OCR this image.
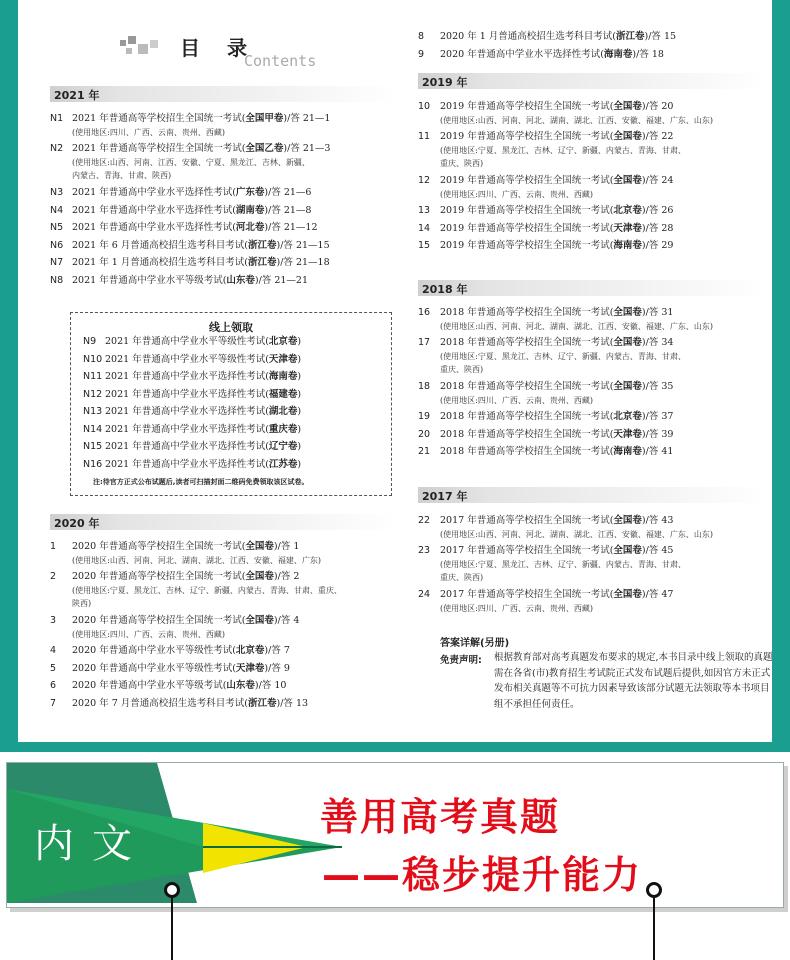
目 录
Contents
2021 年
N1 2021 年普通高等学校招生全国统一考试(全国甲卷)/答 21—1
(使用地区:四川、广西、云南、贵州、西藏)
N2 2021 年普通高等学校招生全国统一考试(全国乙卷)/答 21—3
(使用地区:山西、河南、江西、安徽、宁夏、黑龙江、吉林、新疆、
内蒙古、青海、甘肃、陕西)
N3 2021 年普通高中学业水平选择性考试(广东卷)/答 21—6
N4 2021 年普通高中学业水平选择性考试(湖南卷)/答 21—8
N5 2021 年普通高中学业水平选择性考试(河北卷)/答 21—12
N6 2021 年 6 月普通高校招生选考科目考试(浙江卷)/答 21—15
N7 2021 年 1 月普通高校招生选考科目考试(浙江卷)/答 21—18
N8 2021 年普通高中学业水平等级考试(山东卷)/答 21—21
2020 年
1 2020 年普通高等学校招生全国统一考试(全国卷)/答 1
(使用地区:山西、河南、河北、湖南、湖北、江西、安徽、福建、广东)
2 2020 年普通高等学校招生全国统一考试(全国卷)/答 2
(使用地区:宁夏、黑龙江、吉林、辽宁、新疆、内蒙古、青海、甘肃、重庆、
陕西)
3 2020 年普通高等学校招生全国统一考试(全国卷)/答 4
(使用地区:四川、广西、云南、贵州、西藏)
4 2020 年普通高中学业水平等级性考试(北京卷)/答 7
5 2020 年普通高中学业水平等级性考试(天津卷)/答 9
6 2020 年普通高中学业水平等级考试(山东卷)/答 10
7 2020 年 7 月普通高校招生选考科目考试(浙江卷)/答 13
线上领取
N9 2021 年普通高中学业水平等级性考试(北京卷)
N10 2021 年普通高中学业水平等级性考试(天津卷)
N11 2021 年普通高中学业水平选择性考试(海南卷)
N12 2021 年普通高中学业水平选择性考试(福建卷)
N13 2021 年普通高中学业水平选择性考试(湖北卷)
N14 2021 年普通高中学业水平选择性考试(重庆卷)
N15 2021 年普通高中学业水平选择性考试(辽宁卷)
N16 2021 年普通高中学业水平选择性考试(江苏卷)
注:待官方正式公布试题后,读者可扫描封面二维码免费领取该区试卷。
8 2020 年 1 月普通高校招生选考科目考试(浙江卷)/答 15
9 2020 年普通高中学业水平选择性考试(海南卷)/答 18
2019 年
10 2019 年普通高等学校招生全国统一考试(全国卷)/答 20
(使用地区:山西、河南、河北、湖南、湖北、江西、安徽、福建、广东、山东)
11 2019 年普通高等学校招生全国统一考试(全国卷)/答 22
(使用地区:宁夏、黑龙江、吉林、辽宁、新疆、内蒙古、青海、甘肃、
重庆、陕西)
12 2019 年普通高等学校招生全国统一考试(全国卷)/答 24
(使用地区:四川、广西、云南、贵州、西藏)
13 2019 年普通高等学校招生全国统一考试(北京卷)/答 26
14 2019 年普通高等学校招生全国统一考试(天津卷)/答 28
15 2019 年普通高等学校招生全国统一考试(海南卷)/答 29
2018 年
16 2018 年普通高等学校招生全国统一考试(全国卷)/答 31
(使用地区:山西、河南、河北、湖南、湖北、江西、安徽、福建、广东、山东)
17 2018 年普通高等学校招生全国统一考试(全国卷)/答 34
(使用地区:宁夏、黑龙江、吉林、辽宁、新疆、内蒙古、青海、甘肃、
重庆、陕西)
18 2018 年普通高等学校招生全国统一考试(全国卷)/答 35
(使用地区:四川、广西、云南、贵州、西藏)
19 2018 年普通高等学校招生全国统一考试(北京卷)/答 37
20 2018 年普通高等学校招生全国统一考试(天津卷)/答 39
21 2018 年普通高等学校招生全国统一考试(海南卷)/答 41
2017 年
22 2017 年普通高等学校招生全国统一考试(全国卷)/答 43
(使用地区:山西、河南、河北、湖南、湖北、江西、安徽、福建、广东、山东)
23 2017 年普通高等学校招生全国统一考试(全国卷)/答 45
(使用地区:宁夏、黑龙江、吉林、辽宁、新疆、内蒙古、青海、甘肃、
重庆、陕西)
24 2017 年普通高等学校招生全国统一考试(全国卷)/答 47
(使用地区:四川、广西、云南、贵州、西藏)
答案详解(另册)
免责声明: 根据教育部对高考真题发布要求的规定,本书目录中线上领取的真题需在各省(市)教育招生考试院正式发布试题后提供,如因官方未正式发布相关真题等不可抗力因素导致该部分试题无法领取等本书项目组不承担任何责任。
内文
善用高考真题
——稳步提升能力
